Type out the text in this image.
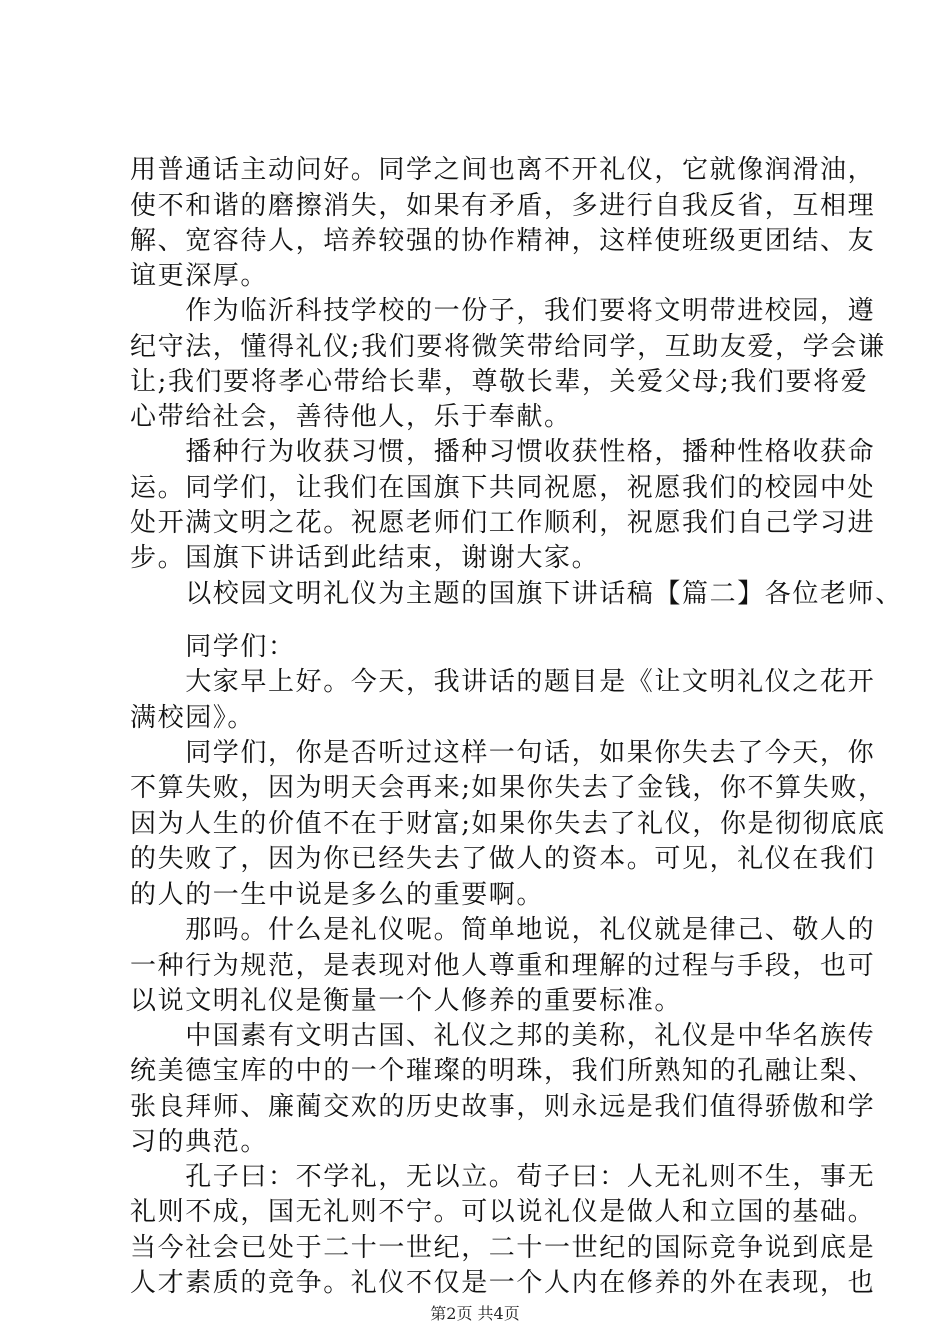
用普通话主动问好。同学之间也离不开礼仪，它就像润滑油，
使不和谐的磨擦消失，如果有矛盾，多进行自我反省，互相理
解、宽容待人，培养较强的协作精神，这样使班级更团结、友
谊更深厚。
　　作为临沂科技学校的一份子，我们要将文明带进校园，遵
纪守法，懂得礼仪;我们要将微笑带给同学，互助友爱，学会谦
让;我们要将孝心带给长辈，尊敬长辈，关爱父母;我们要将爱
心带给社会，善待他人，乐于奉献。
　　播种行为收获习惯，播种习惯收获性格，播种性格收获命
运。同学们，让我们在国旗下共同祝愿，祝愿我们的校园中处
处开满文明之花。祝愿老师们工作顺利，祝愿我们自己学习进
步。国旗下讲话到此结束，谢谢大家。
　　以校园文明礼仪为主题的国旗下讲话稿【篇二】各位老师、
　　同学们：
　　大家早上好。今天，我讲话的题目是《让文明礼仪之花开
满校园》。
　　同学们，你是否听过这样一句话，如果你失去了今天，你
不算失败，因为明天会再来;如果你失去了金钱，你不算失败，
因为人生的价值不在于财富;如果你失去了礼仪，你是彻彻底底
的失败了，因为你已经失去了做人的资本。可见，礼仪在我们
的人的一生中说是多么的重要啊。
　　那吗。什么是礼仪呢。简单地说，礼仪就是律己、敬人的
一种行为规范，是表现对他人尊重和理解的过程与手段，也可
以说文明礼仪是衡量一个人修养的重要标准。
　　中国素有文明古国、礼仪之邦的美称，礼仪是中华名族传
统美德宝库的中的一个璀璨的明珠，我们所熟知的孔融让梨、
张良拜师、廉蔺交欢的历史故事，则永远是我们值得骄傲和学
习的典范。
　　孔子曰：不学礼，无以立。荀子曰：人无礼则不生，事无
礼则不成，国无礼则不宁。可以说礼仪是做人和立国的基础。
当今社会已处于二十一世纪，二十一世纪的国际竞争说到底是
人才素质的竞争。礼仪不仅是一个人内在修养的外在表现，也
第2页 共4页
